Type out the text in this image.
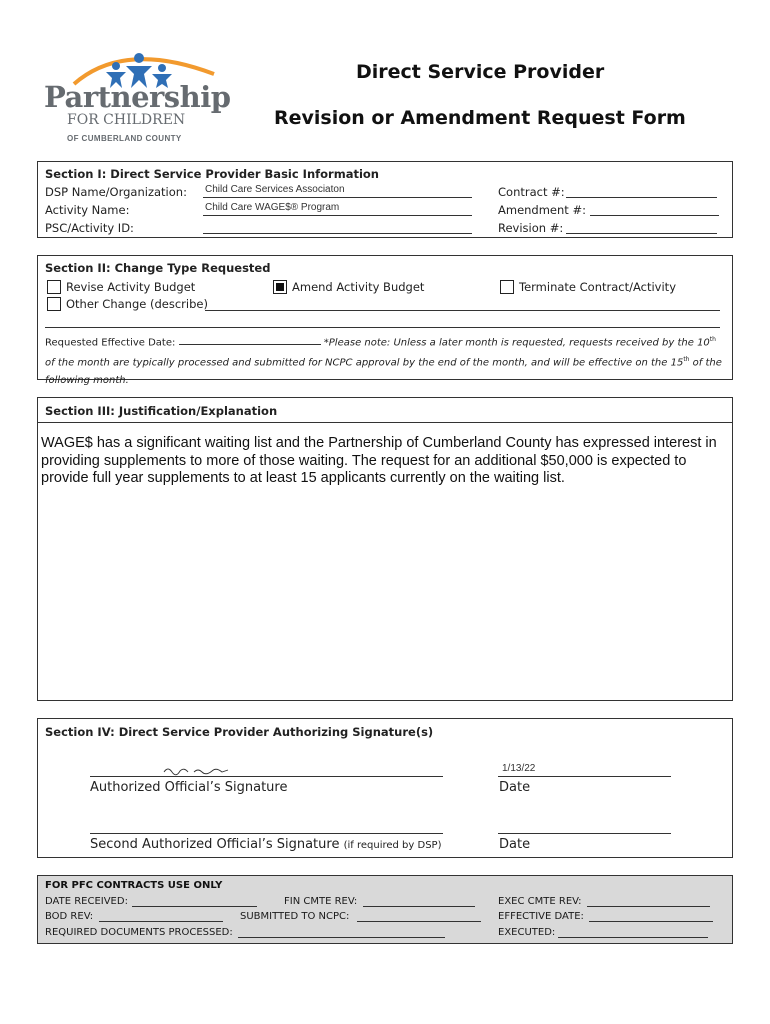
Partnership
FOR CHILDREN
OF CUMBERLAND COUNTY
Direct Service Provider
Revision or Amendment Request Form
Section I: Direct Service Provider Basic Information
DSP Name/Organization: Child Care Services Associaton
Activity Name:	Child Care WAGE$® Program
PSC/Activity ID:
Contract #:
Amendment #:
Revision #:
Section II: Change Type Requested
Revise Activity Budget	Amend Activity Budget	Terminate Contract/Activity
Other Change (describe)
Requested Effective Date:	*Please note: Unless a later month is requested, requests received by the 10th of the month are typically processed and submitted for NCPC approval by the end of the month, and will be effective on the 15th of the following month.
Section III: Justification/Explanation
WAGE$ has a significant waiting list and the Partnership of Cumberland County has expressed interest in providing supplements to more of those waiting. The request for an additional $50,000 is expected to provide full year supplements to at least 15 applicants currently on the waiting list.
Section IV: Direct Service Provider Authorizing Signature(s)
Authorized Official’s Signature
1/13/22
Date
Second Authorized Official’s Signature (if required by DSP)	Date
FOR PFC CONTRACTS USE ONLY
DATE RECEIVED:	FIN CMTE REV:	EXEC CMTE REV:
BOD REV:	SUBMITTED TO NCPC:	EFFECTIVE DATE:
REQUIRED DOCUMENTS PROCESSED:	EXECUTED:
